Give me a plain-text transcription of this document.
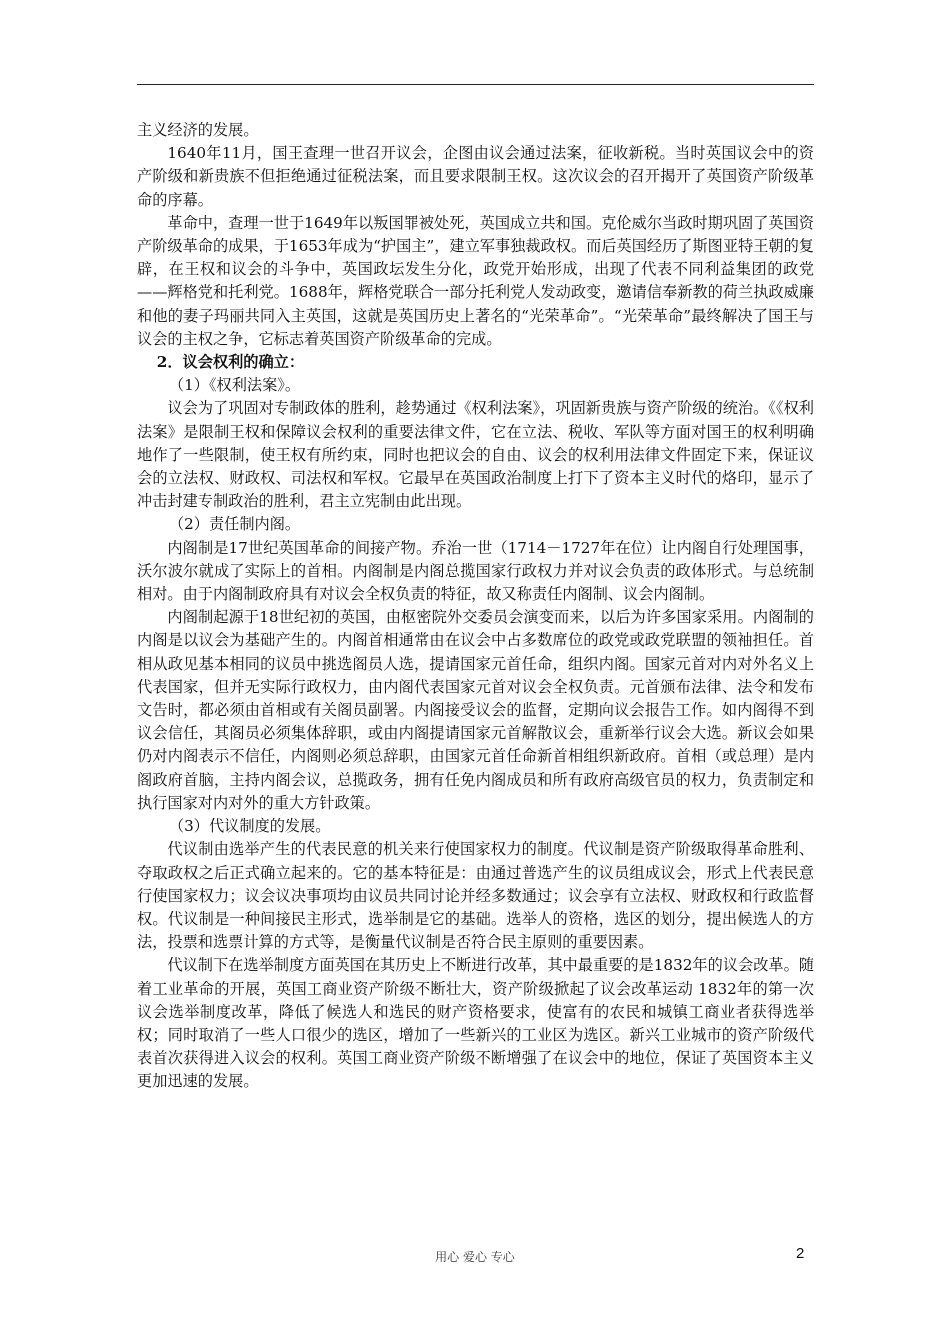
主义经济的发展。

1640年11月，国王查理一世召开议会，企图由议会通过法案，征收新税。当时英国议会中的资产阶级和新贵族不但拒绝通过征税法案，而且要求限制王权。这次议会的召开揭开了英国资产阶级革命的序幕。

革命中，查理一世于1649年以叛国罪被处死，英国成立共和国。克伦威尔当政时期巩固了英国资产阶级革命的成果，于1653年成为“护国主”，建立军事独裁政权。而后英国经历了斯图亚特王朝的复辟，在王权和议会的斗争中，英国政坛发生分化，政党开始形成，出现了代表不同利益集团的政党——辉格党和托利党。1688年，辉格党联合一部分托利党人发动政变，邀请信奉新教的荷兰执政威廉和他的妻子玛丽共同入主英国，这就是英国历史上著名的“光荣革命”。“光荣革命”最终解决了国王与议会的主权之争，它标志着英国资产阶级革命的完成。

2．议会权利的确立：

（1）《权利法案》。

议会为了巩固对专制政体的胜利，趁势通过《权利法案》，巩固新贵族与资产阶级的统治。《《权利法案》是限制王权和保障议会权利的重要法律文件，它在立法、税收、军队等方面对国王的权利明确地作了一些限制，使王权有所约束，同时也把议会的自由、议会的权利用法律文件固定下来，保证议会的立法权、财政权、司法权和军权。它最早在英国政治制度上打下了资本主义时代的烙印，显示了冲击封建专制政治的胜利，君主立宪制由此出现。

（2）责任制内阁。

内阁制是17世纪英国革命的间接产物。乔治一世（1714－1727年在位）让内阁自行处理国事，沃尔波尔就成了实际上的首相。内阁制是内阁总揽国家行政权力并对议会负责的政体形式。与总统制相对。由于内阁制政府具有对议会全权负责的特征，故又称责任内阁制、议会内阁制。

内阁制起源于18世纪初的英国，由枢密院外交委员会演变而来，以后为许多国家采用。内阁制的内阁是以议会为基础产生的。内阁首相通常由在议会中占多数席位的政党或政党联盟的领袖担任。首相从政见基本相同的议员中挑选阁员人选，提请国家元首任命，组织内阁。国家元首对内对外名义上代表国家，但并无实际行政权力，由内阁代表国家元首对议会全权负责。元首颁布法律、法令和发布文告时，都必须由首相或有关阁员副署。内阁接受议会的监督，定期向议会报告工作。如内阁得不到议会信任，其阁员必须集体辞职，或由内阁提请国家元首解散议会，重新举行议会大选。新议会如果仍对内阁表示不信任，内阁则必须总辞职，由国家元首任命新首相组织新政府。首相（或总理）是内阁政府首脑，主持内阁会议，总揽政务，拥有任免内阁成员和所有政府高级官员的权力，负责制定和执行国家对内对外的重大方针政策。

（3）代议制度的发展。

代议制由选举产生的代表民意的机关来行使国家权力的制度。代议制是资产阶级取得革命胜利、夺取政权之后正式确立起来的。它的基本特征是：由通过普选产生的议员组成议会，形式上代表民意行使国家权力；议会议决事项均由议员共同讨论并经多数通过；议会享有立法权、财政权和行政监督权。代议制是一种间接民主形式，选举制是它的基础。选举人的资格，选区的划分，提出候选人的方法，投票和选票计算的方式等，是衡量代议制是否符合民主原则的重要因素。

代议制下在选举制度方面英国在其历史上不断进行改革，其中最重要的是1832年的议会改革。随着工业革命的开展，英国工商业资产阶级不断壮大，资产阶级掀起了议会改革运动 1832年的第一次议会选举制度改革，降低了候选人和选民的财产资格要求，使富有的农民和城镇工商业者获得选举权；同时取消了一些人口很少的选区，增加了一些新兴的工业区为选区。新兴工业城市的资产阶级代表首次获得进入议会的权利。英国工商业资产阶级不断增强了在议会中的地位，保证了英国资本主义更加迅速的发展。

用心 爱心 专心	2
